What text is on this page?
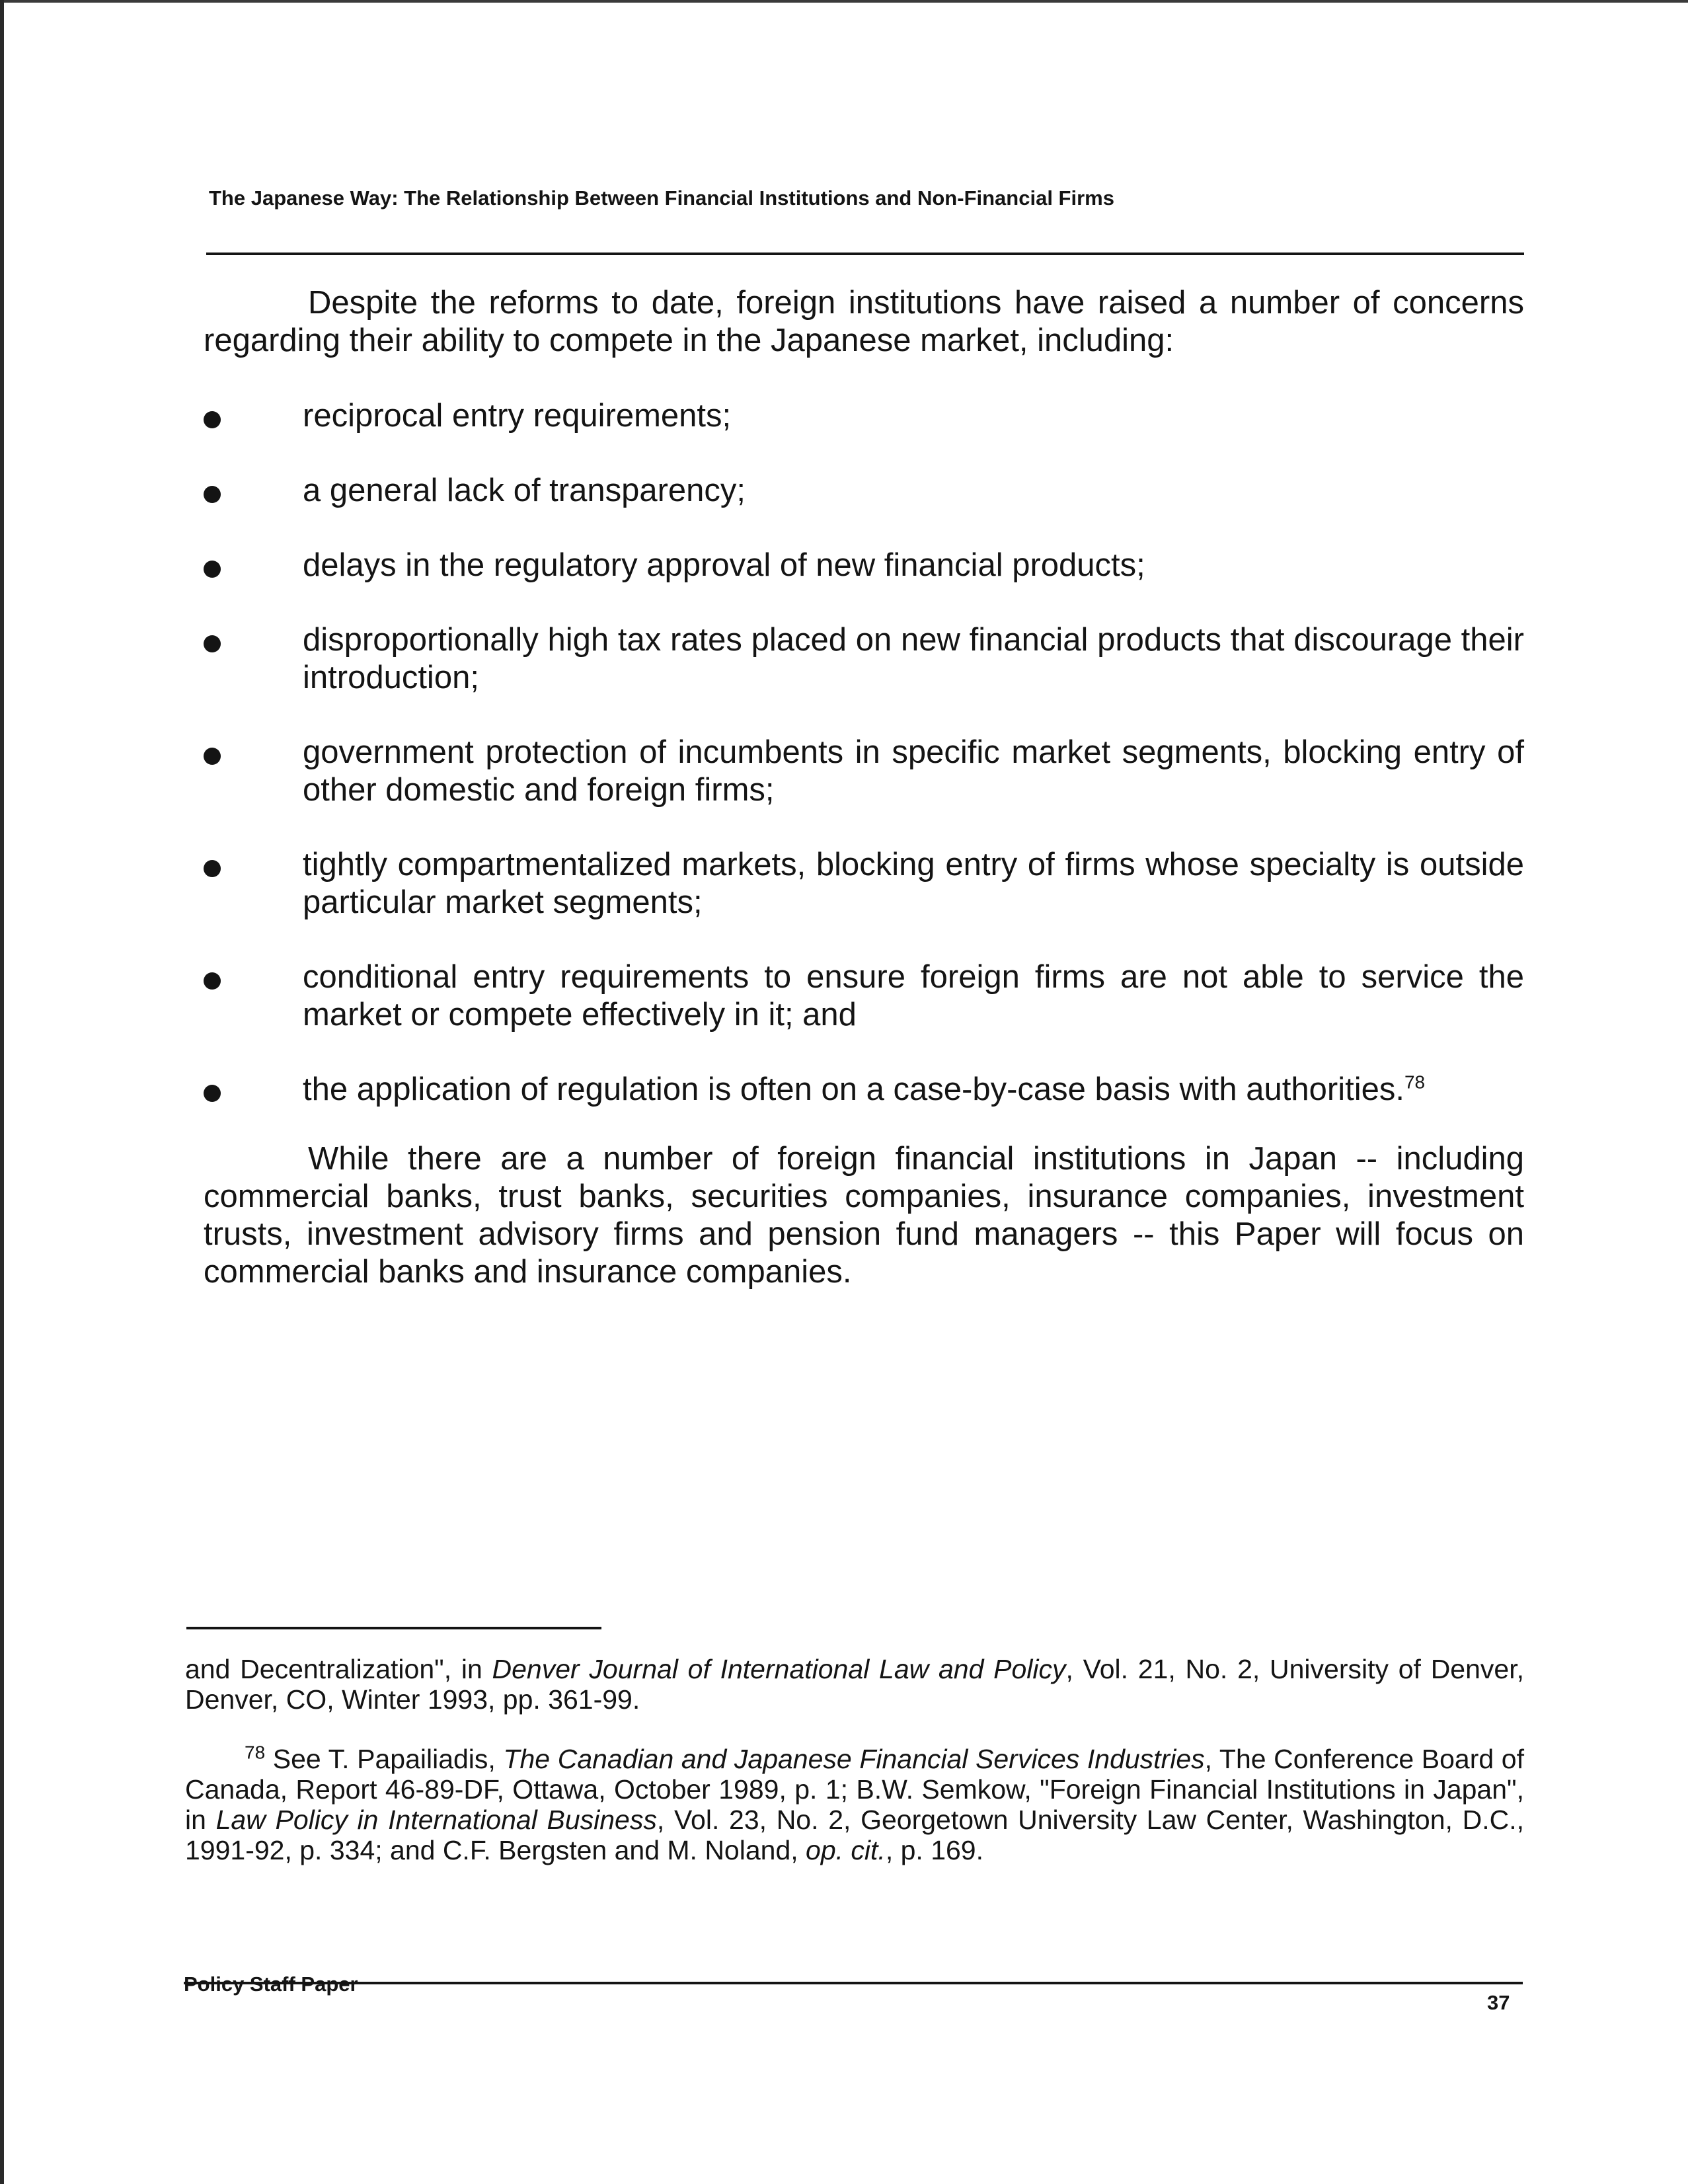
The Japanese Way: The Relationship Between Financial Institutions and Non-Financial Firms

Despite the reforms to date, foreign institutions have raised a number of concerns regarding their ability to compete in the Japanese market, including:

reciprocal entry requirements;
a general lack of transparency;
delays in the regulatory approval of new financial products;
disproportionally high tax rates placed on new financial products that discourage their introduction;
government protection of incumbents in specific market segments, blocking entry of other domestic and foreign firms;
tightly compartmentalized markets, blocking entry of firms whose specialty is outside particular market segments;
conditional entry requirements to ensure foreign firms are not able to service the market or compete effectively in it; and
the application of regulation is often on a case-by-case basis with authorities.$^{78}$

While there are a number of foreign financial institutions in Japan -- including commercial banks, trust banks, securities companies, insurance companies, investment trusts, investment advisory firms and pension fund managers -- this Paper will focus on commercial banks and insurance companies.

and Decentralization", in Denver Journal of International Law and Policy, Vol. 21, No. 2, University of Denver, Denver, CO, Winter 1993, pp. 361-99.

$^{78}$ See T. Papailiadis, The Canadian and Japanese Financial Services Industries, The Conference Board of Canada, Report 46-89-DF, Ottawa, October 1989, p. 1; B.W. Semkow, "Foreign Financial Institutions in Japan", in Law Policy in International Business, Vol. 23, No. 2, Georgetown University Law Center, Washington, D.C., 1991-92, p. 334; and C.F. Bergsten and M. Noland, op. cit., p. 169.

37
